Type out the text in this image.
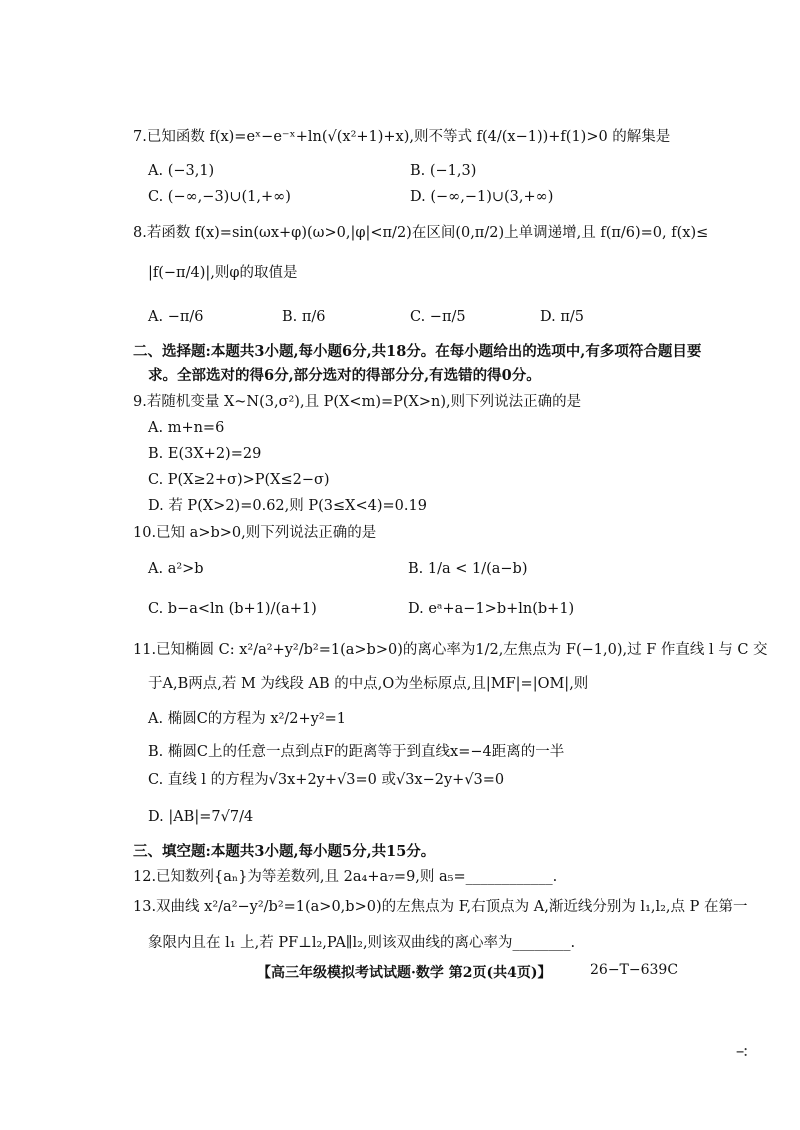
7.已知函数 f(x)=eˣ−e⁻ˣ+ln(√(x²+1)+x),则不等式 f(4/(x−1))+f(1)>0 的解集是
A. (−3,1)	B. (−1,3)
C. (−∞,−3)∪(1,+∞)	D. (−∞,−1)∪(3,+∞)
8.若函数 f(x)=sin(ωx+φ)(ω>0,|φ|<π/2)在区间(0,π/2)上单调递增,且 f(π/6)=0, f(x)≤
|f(−π/4)|,则φ的取值是
A. −π/6	B. π/6	C. −π/5	D. π/5
二、选择题:本题共3小题,每小题6分,共18分。在每小题给出的选项中,有多项符合题目要
求。全部选对的得6分,部分选对的得部分分,有选错的得0分。
9.若随机变量 X~N(3,σ²),且 P(X<m)=P(X>n),则下列说法正确的是
A. m+n=6
B. E(3X+2)=29
C. P(X≥2+σ)>P(X≤2−σ)
D. 若 P(X>2)=0.62,则 P(3≤X<4)=0.19
10.已知 a>b>0,则下列说法正确的是
A. a²>b	B. 1/a < 1/(a−b)
C. b−a<ln (b+1)/(a+1)	D. eᵃ+a−1>b+ln(b+1)
11.已知椭圆 C: x²/a²+y²/b²=1(a>b>0)的离心率为1/2,左焦点为 F(−1,0),过 F 作直线 l 与 C 交
于A,B两点,若 M 为线段 AB 的中点,O为坐标原点,且|MF|=|OM|,则
A. 椭圆C的方程为 x²/2+y²=1
B. 椭圆C上的任意一点到点F的距离等于到直线x=−4距离的一半
C. 直线 l 的方程为√3x+2y+√3=0 或√3x−2y+√3=0
D. |AB|=7√7/4
三、填空题:本题共3小题,每小题5分,共15分。
12.已知数列{aₙ}为等差数列,且 2a₄+a₇=9,则 a₅=____________.
13.双曲线 x²/a²−y²/b²=1(a>0,b>0)的左焦点为 F,右顶点为 A,渐近线分别为 l₁,l₂,点 P 在第一
象限内且在 l₁ 上,若 PF⊥l₂,PA∥l₂,则该双曲线的离心率为________.
【高三年级模拟考试试题·数学 第2页(共4页)】	26−T−639C
∹
